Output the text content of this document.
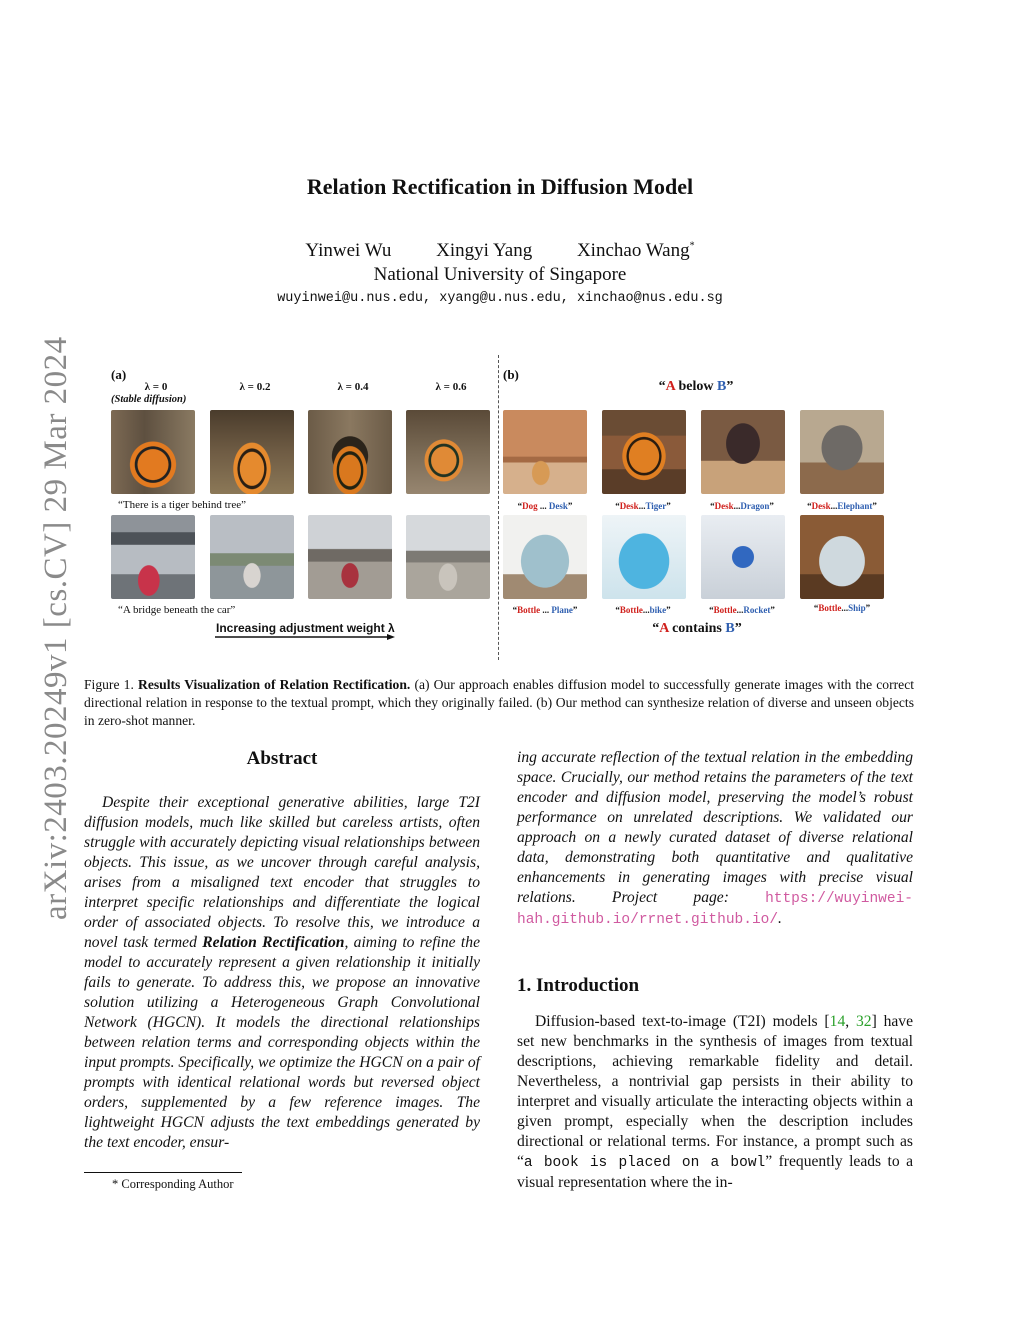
arXiv:2403.20249v1 [cs.CV] 29 Mar 2024
Relation Rectification in Diffusion Model
Yinwei Wu Xingyi Yang Xinchao Wang*
National University of Singapore
wuyinwei@u.nus.edu, xyang@u.nus.edu, xinchao@nus.edu.sg
(a)
λ = 0	λ = 0.2	λ = 0.4	λ = 0.6
(Stable diffusion)
“There is a tiger behind tree”
“A bridge beneath the car”
Increasing adjustment weight λ
(b)
“A below B”
“Dog ... Desk”	“Desk...Tiger”	“Desk...Dragon”	“Desk...Elephant”
“Bottle ... Plane”	“Bottle...bike”	“Bottle...Rocket”	“Bottle...Ship”
“A contains B”
Figure 1. Results Visualization of Relation Rectification. (a) Our approach enables diffusion model to successfully generate images with the correct directional relation in response to the textual prompt, which they originally failed. (b) Our method can synthesize relation of diverse and unseen objects in zero-shot manner.
Abstract

Despite their exceptional generative abilities, large T2I diffusion models, much like skilled but careless artists, often struggle with accurately depicting visual relationships between objects. This issue, as we uncover through careful analysis, arises from a misaligned text encoder that struggles to interpret specific relationships and differentiate the logical order of associated objects. To resolve this, we introduce a novel task termed Relation Rectification, aiming to refine the model to accurately represent a given relationship it initially fails to generate. To address this, we propose an innovative solution utilizing a Heterogeneous Graph Convolutional Network (HGCN). It models the directional relationships between relation terms and corresponding objects within the input prompts. Specifically, we optimize the HGCN on a pair of prompts with identical relational words but reversed object orders, supplemented by a few reference images. The lightweight HGCN adjusts the text embeddings generated by the text encoder, ensur-

ing accurate reflection of the textual relation in the embedding space. Crucially, our method retains the parameters of the text encoder and diffusion model, preserving the model’s robust performance on unrelated descriptions. We validated our approach on a newly curated dataset of diverse relational data, demonstrating both quantitative and qualitative enhancements in generating images with precise visual relations. Project page: https://wuyinwei-hah.github.io/rrnet.github.io/.

1. Introduction

Diffusion-based text-to-image (T2I) models [14, 32] have set new benchmarks in the synthesis of images from textual descriptions, achieving remarkable fidelity and detail. Nevertheless, a nontrivial gap persists in their ability to interpret and visually articulate the interacting objects within a given prompt, especially when the description includes directional or relational terms. For instance, a prompt such as “a book is placed on a bowl” frequently leads to a visual representation where the in-

* Corresponding Author
